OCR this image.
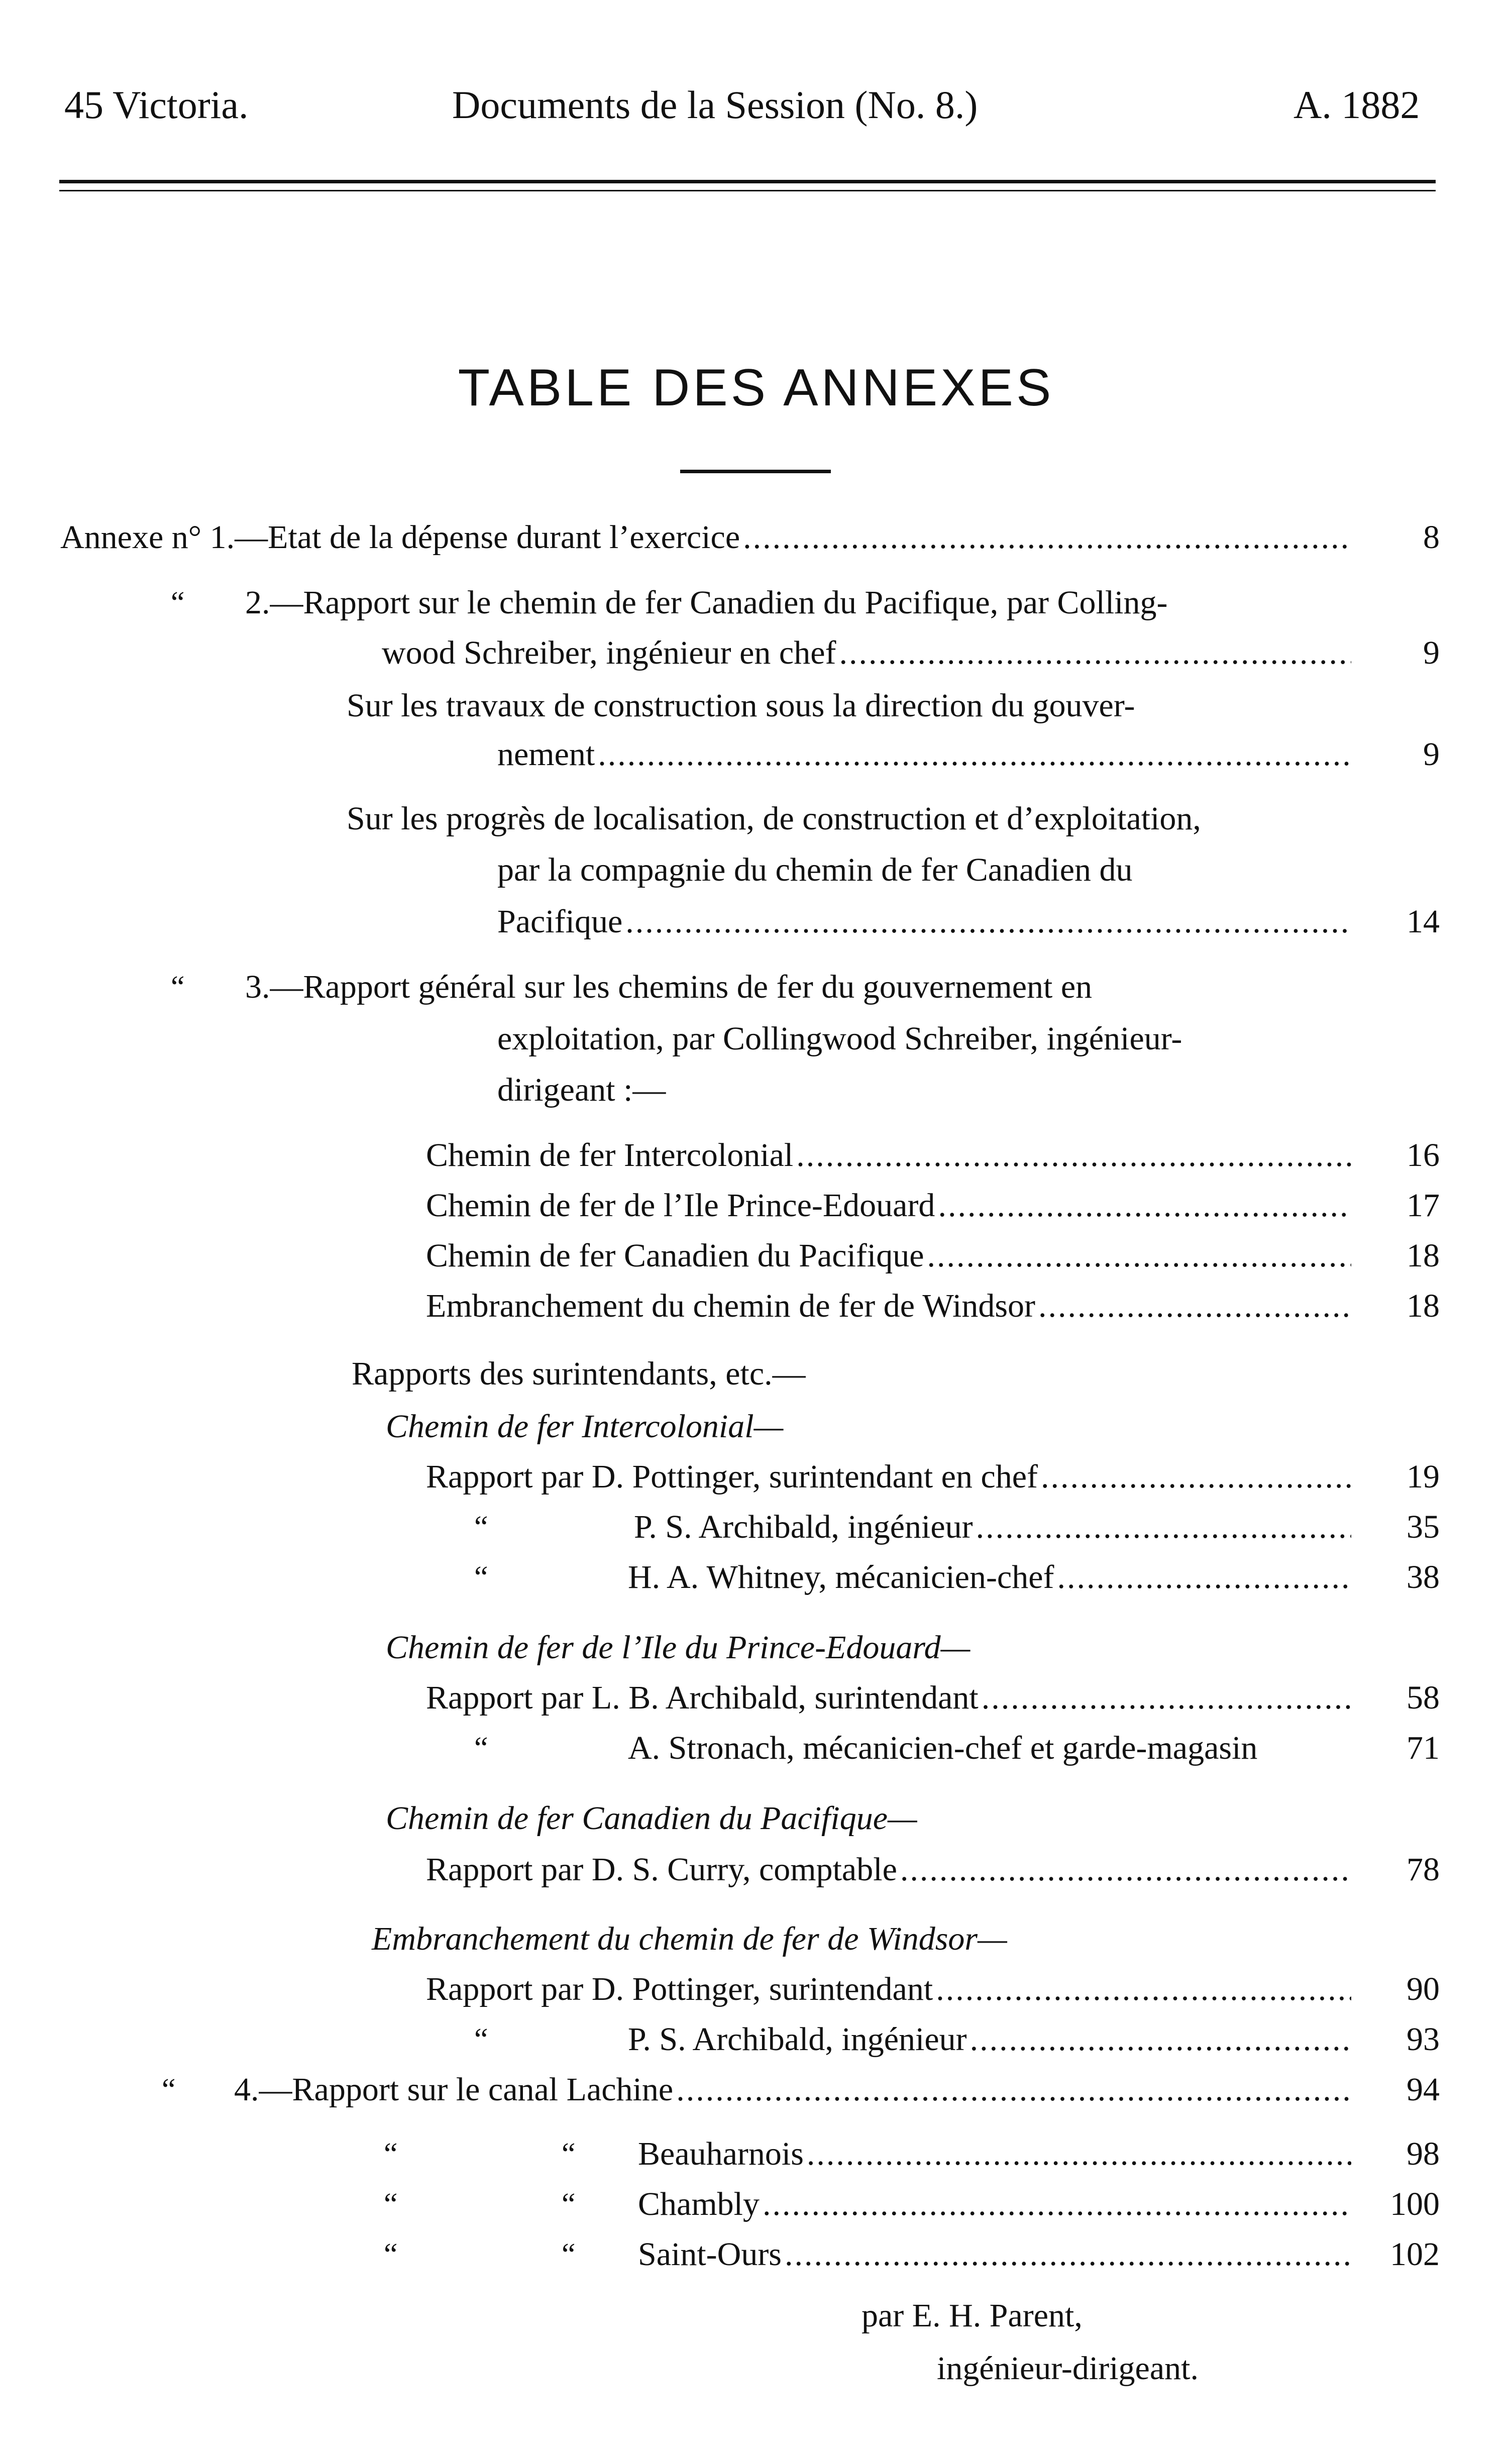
45 Victoria.	Documents de la Session (No. 8.)	A. 1882
TABLE DES ANNEXES
Annexe n° 1.—Etat de la dépense durant l’exercice .....	8
“ 2.—Rapport sur le chemin de fer Canadien du Pacifique, par Colling-
wood Schreiber, ingénieur en chef .....	9
Sur les travaux de construction sous la direction du gouver-
nement .....	9
Sur les progrès de localisation, de construction et d’exploitation,
par la compagnie du chemin de fer Canadien du
Pacifique .....	14
“ 3.—Rapport général sur les chemins de fer du gouvernement en
exploitation, par Collingwood Schreiber, ingénieur-
dirigeant :—
Chemin de fer Intercolonial .....	16
Chemin de fer de l’Ile Prince-Edouard .....	17
Chemin de fer Canadien du Pacifique .....	18
Embranchement du chemin de fer de Windsor .....	18
Rapports des surintendants, etc.—
Chemin de fer Intercolonial—
Rapport par D. Pottinger, surintendant en chef .....	19
“	P. S. Archibald, ingénieur .....	35
“	H. A. Whitney, mécanicien-chef .....	38
Chemin de fer de l’Ile du Prince-Edouard—
Rapport par L. B. Archibald, surintendant .....	58
“	A. Stronach, mécanicien-chef et garde-magasin	71
Chemin de fer Canadien du Pacifique—
Rapport par D. S. Curry, comptable .....	78
Embranchement du chemin de fer de Windsor—
Rapport par D. Pottinger, surintendant .....	90
“	P. S. Archibald, ingénieur .....	93
“ 4.—Rapport sur le canal Lachine .....	94
“	“ Beauharnois .....	98
“	“ Chambly .....	100
“	“ Saint-Ours .....	102
par E. H. Parent,
ingénieur-dirigeant.
